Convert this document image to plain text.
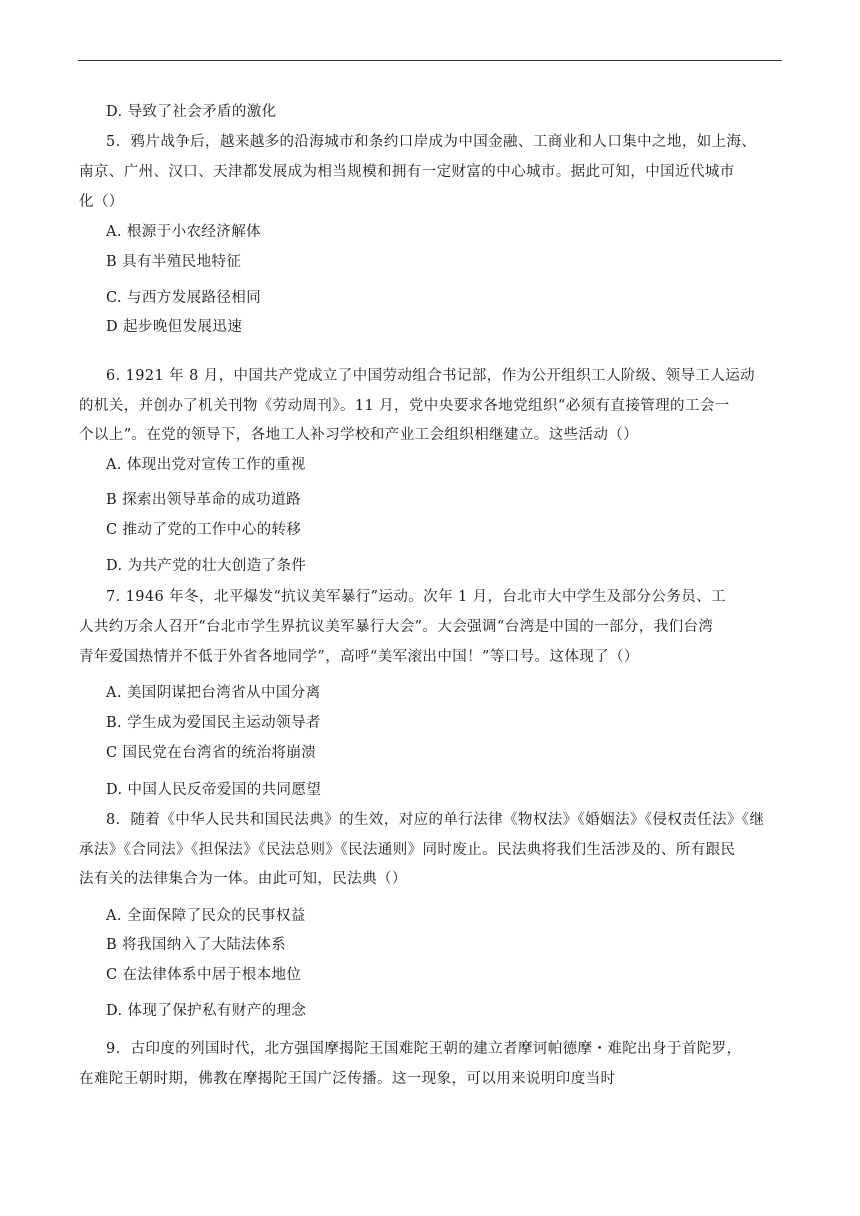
D. 导致了社会矛盾的激化
5．鸦片战争后，越来越多的沿海城市和条约口岸成为中国金融、工商业和人口集中之地，如上海、
南京、广州、汉口、天津都发展成为相当规模和拥有一定财富的中心城市。据此可知，中国近代城市
化（）
A. 根源于小农经济解体
B 具有半殖民地特征
C. 与西方发展路径相同
D 起步晚但发展迅速
6. 1921 年 8 月，中国共产党成立了中国劳动组合书记部，作为公开组织工人阶级、领导工人运动
的机关，并创办了机关刊物《劳动周刊》。11 月，党中央要求各地党组织“必须有直接管理的工会一
个以上”。在党的领导下，各地工人补习学校和产业工会组织相继建立。这些活动（）
A. 体现出党对宣传工作的重视
B 探索出领导革命的成功道路
C 推动了党的工作中心的转移
D. 为共产党的壮大创造了条件
7. 1946 年冬，北平爆发“抗议美军暴行”运动。次年 1 月，台北市大中学生及部分公务员、工
人共约万余人召开“台北市学生界抗议美军暴行大会”。大会强调“台湾是中国的一部分，我们台湾
青年爱国热情并不低于外省各地同学”，高呼“美军滚出中国！”等口号。这体现了（）
A. 美国阴谋把台湾省从中国分离
B. 学生成为爱国民主运动领导者
C 国民党在台湾省的统治将崩溃
D. 中国人民反帝爱国的共同愿望
8．随着《中华人民共和国民法典》的生效，对应的单行法律《物权法》《婚姻法》《侵权责任法》《继
承法》《合同法》《担保法》《民法总则》《民法通则》同时废止。民法典将我们生活涉及的、所有跟民
法有关的法律集合为一体。由此可知，民法典（）
A. 全面保障了民众的民事权益
B 将我国纳入了大陆法体系
C 在法律体系中居于根本地位
D. 体现了保护私有财产的理念
9．古印度的列国时代，北方强国摩揭陀王国难陀王朝的建立者摩诃帕德摩・难陀出身于首陀罗，
在难陀王朝时期，佛教在摩揭陀王国广泛传播。这一现象，可以用来说明印度当时
